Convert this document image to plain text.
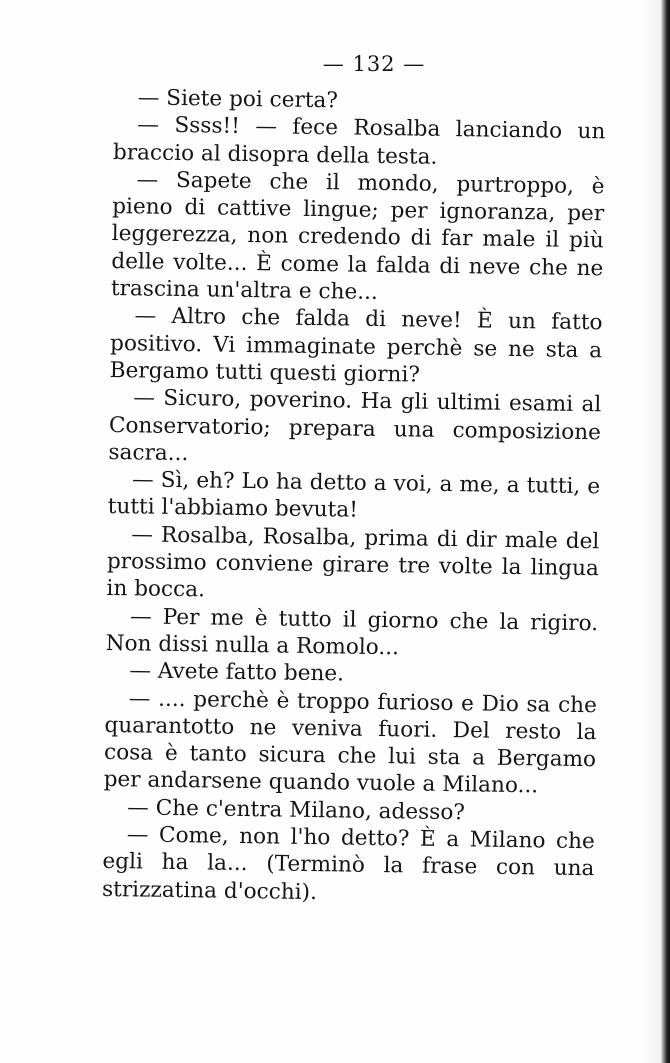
— 132 —

— Siete poi certa?

— Ssss!! — fece Rosalba lanciando un braccio al disopra della testa.

— Sapete che il mondo, purtroppo, è pieno di cattive lingue; per ignoranza, per leggerezza, non credendo di far male il più delle volte... È come la falda di neve che ne trascina un'altra e che...

— Altro che falda di neve! È un fatto positivo. Vi immaginate perchè se ne sta a Bergamo tutti questi giorni?

— Sicuro, poverino. Ha gli ultimi esami al Conservatorio; prepara una composizione sacra...

— Sì, eh? Lo ha detto a voi, a me, a tutti, e tutti l'abbiamo bevuta!

— Rosalba, Rosalba, prima di dir male del prossimo conviene girare tre volte la lingua in bocca.

— Per me è tutto il giorno che la rigiro. Non dissi nulla a Romolo...

— Avete fatto bene.

— .... perchè è troppo furioso e Dio sa che quarantotto ne veniva fuori. Del resto la cosa è tanto sicura che lui sta a Bergamo per andarsene quando vuole a Milano...

— Che c'entra Milano, adesso?

— Come, non l'ho detto? È a Milano che egli ha la... (Terminò la frase con una strizzatina d'occhi).
